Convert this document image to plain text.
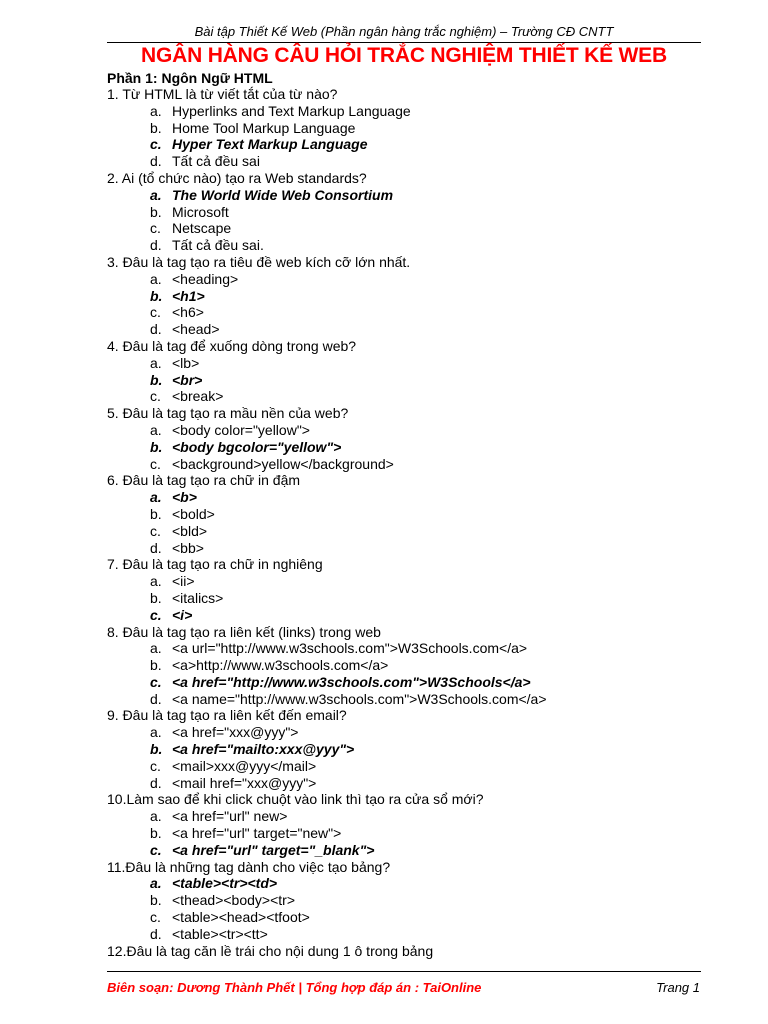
Bài tập Thiết Kế Web (Phần ngân hàng trắc nghiệm) – Trường CĐ CNTT
NGÂN HÀNG CÂU HỎI TRẮC NGHIỆM THIẾT KẾ WEB
Phần 1: Ngôn Ngữ HTML
1. Từ HTML là từ viết tắt của từ nào?
a. Hyperlinks and Text Markup Language
b. Home Tool Markup Language
c. Hyper Text Markup Language
d. Tất cả đều sai
2. Ai (tổ chức nào) tạo ra Web standards?
a. The World Wide Web Consortium
b. Microsoft
c. Netscape
d. Tất cả đều sai.
3. Đâu là tag tạo ra tiêu đề web kích cỡ lớn nhất.
a. <heading>
b. <h1>
c. <h6>
d. <head>
4. Đâu là tag để xuống dòng trong web?
a. <lb>
b. <br>
c. <break>
5. Đâu là tag tạo ra mầu nền của web?
a. <body color="yellow">
b. <body bgcolor="yellow">
c. <background>yellow</background>
6. Đâu là tag tạo ra chữ in đậm
a. <b>
b. <bold>
c. <bld>
d. <bb>
7. Đâu là tag tạo ra chữ in nghiêng
a. <ii>
b. <italics>
c. <i>
8. Đâu là tag tạo ra liên kết (links) trong web
a. <a url="http://www.w3schools.com">W3Schools.com</a>
b. <a>http://www.w3schools.com</a>
c. <a href="http://www.w3schools.com">W3Schools</a>
d. <a name="http://www.w3schools.com">W3Schools.com</a>
9. Đâu là tag tạo ra liên kết đến email?
a. <a href="xxx@yyy">
b. <a href="mailto:xxx@yyy">
c. <mail>xxx@yyy</mail>
d. <mail href="xxx@yyy">
10.Làm sao để khi click chuột vào link thì tạo ra cửa sổ mới?
a. <a href="url" new>
b. <a href="url" target="new">
c. <a href="url" target="_blank">
11.Đâu là những tag dành cho việc tạo bảng?
a. <table><tr><td>
b. <thead><body><tr>
c. <table><head><tfoot>
d. <table><tr><tt>
12.Đâu là tag căn lề trái cho nội dung 1 ô trong bảng
Biên soạn: Dương Thành Phết | Tổng hợp đáp án : TaiOnline	Trang 1
